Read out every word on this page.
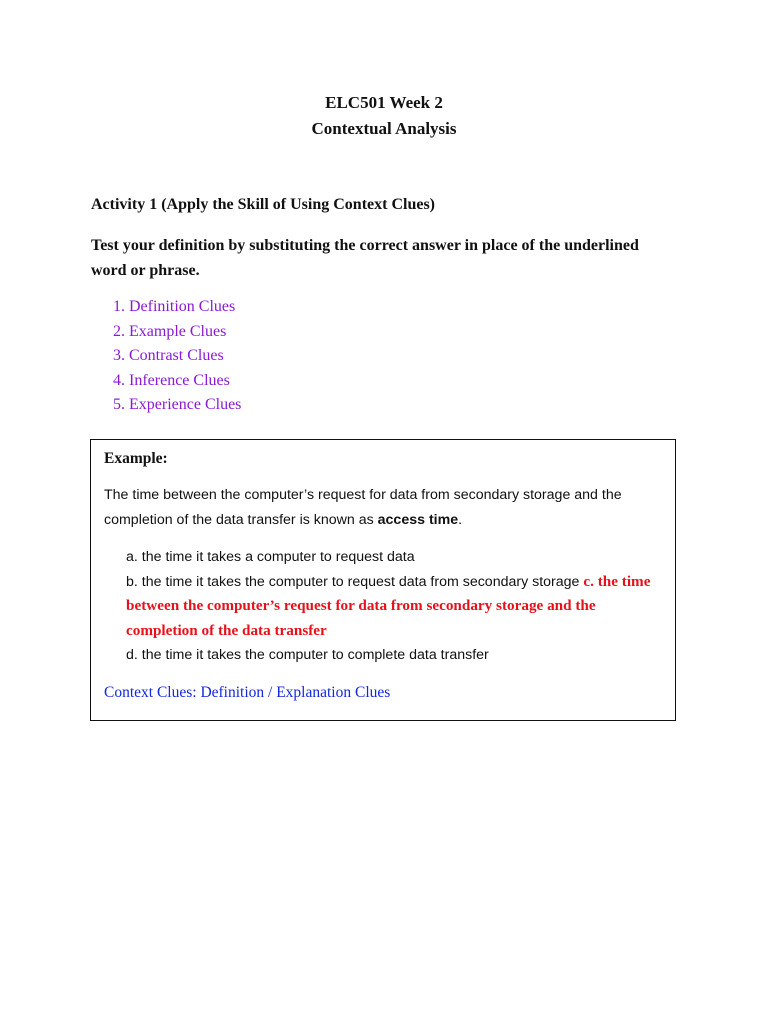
ELC501 Week 2
Contextual Analysis
Activity 1 (Apply the Skill of Using Context Clues)
Test your definition by substituting the correct answer in place of the underlined word or phrase.
1. Definition Clues
2. Example Clues
3. Contrast Clues
4. Inference Clues
5. Experience Clues
Example:
The time between the computer’s request for data from secondary storage and the completion of the data transfer is known as access time.
a. the time it takes a computer to request data
b. the time it takes the computer to request data from secondary storage c. the time between the computer’s request for data from secondary storage and the completion of the data transfer
d. the time it takes the computer to complete data transfer
Context Clues: Definition / Explanation Clues
